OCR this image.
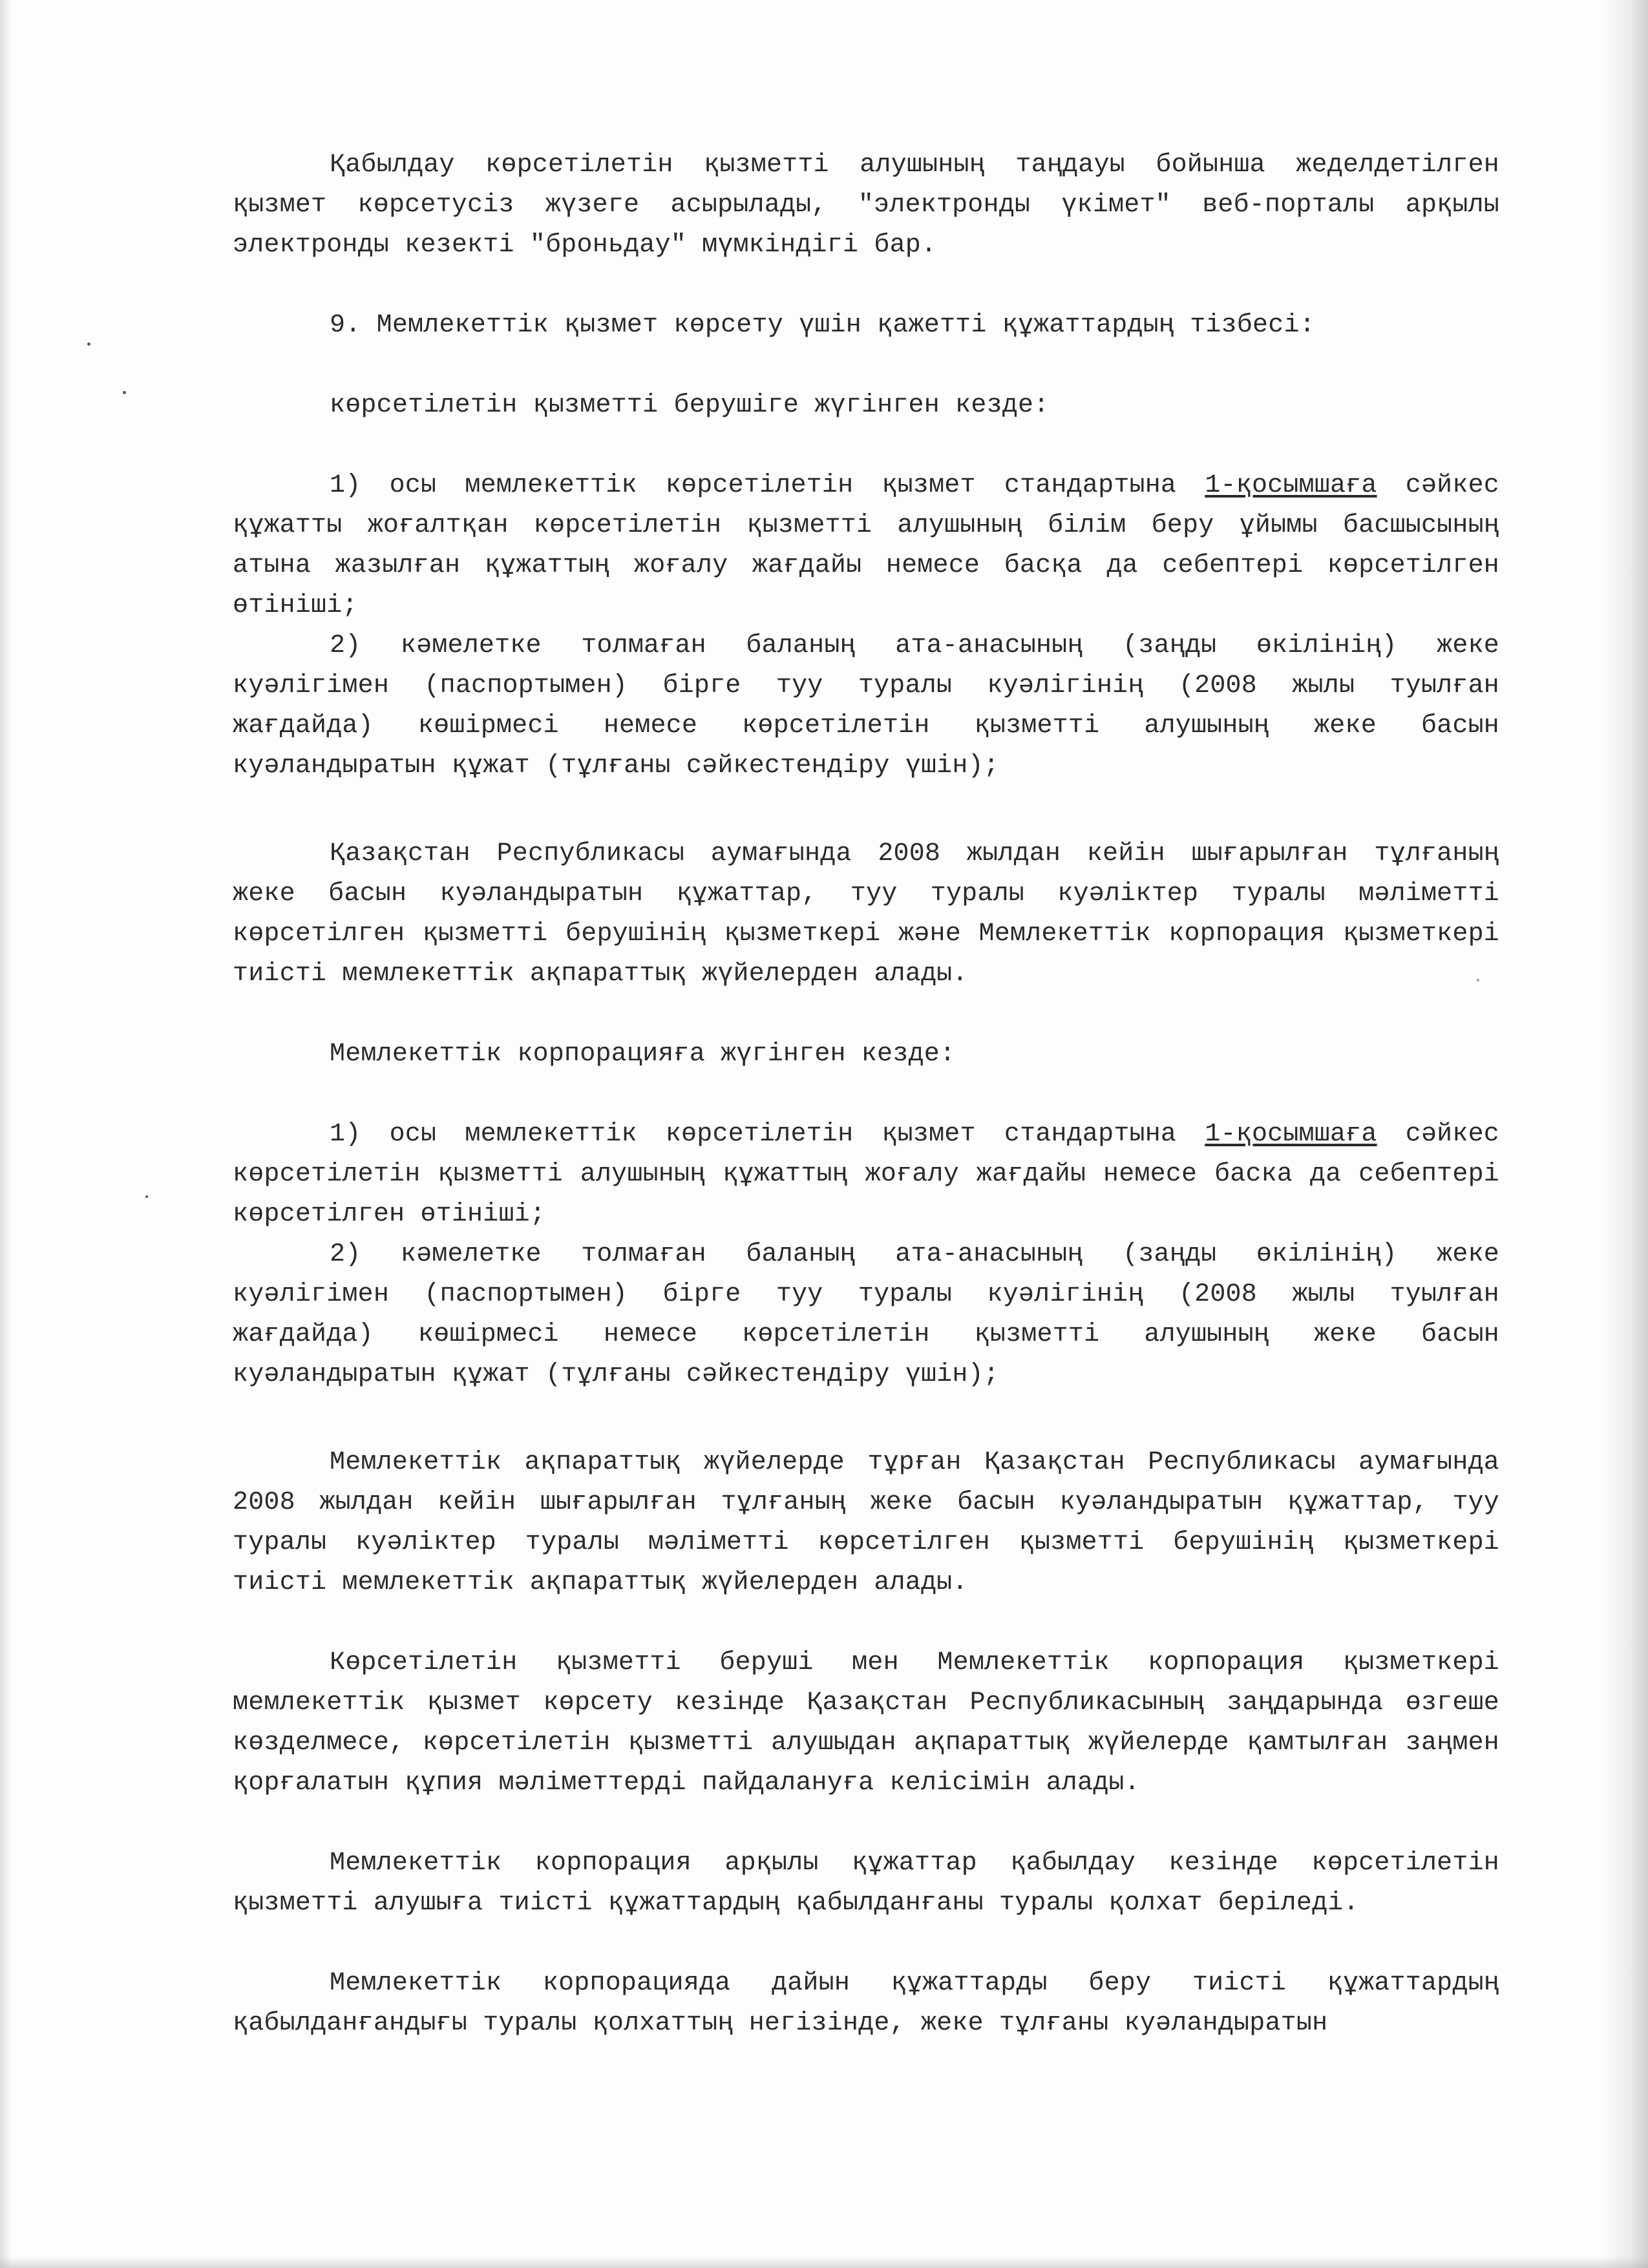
Қабылдау көрсетілетін қызметті алушының таңдауы бойынша жеделдетілген қызмет көрсетусіз жүзеге асырылады, "электронды үкімет" веб-порталы арқылы электронды кезекті "броньдау" мүмкіндігі бар.

9. Мемлекеттік қызмет көрсету үшін қажетті құжаттардың тізбесі:

көрсетілетін қызметті берушіге жүгінген кезде:

1) осы мемлекеттік көрсетілетін қызмет стандартына 1-қосымшаға сәйкес құжатты жоғалтқан көрсетілетін қызметті алушының білім беру ұйымы басшысының атына жазылған құжаттың жоғалу жағдайы немесе басқа да себептері көрсетілген өтініші;

2) кәмелетке толмаған баланың ата-анасының (заңды өкілінің) жеке куәлігімен (паспортымен) бірге туу туралы куәлігінің (2008 жылы туылған жағдайда) көшірмесі немесе көрсетілетін қызметті алушының жеке басын куәландыратын құжат (тұлғаны сәйкестендіру үшін);

Қазақстан Республикасы аумағында 2008 жылдан кейін шығарылған тұлғаның жеке басын куәландыратын құжаттар, туу туралы куәліктер туралы мәліметті көрсетілген қызметті берушінің қызметкері және Мемлекеттік корпорация қызметкері тиісті мемлекеттік ақпараттық жүйелерден алады.

Мемлекеттік корпорацияға жүгінген кезде:

1) осы мемлекеттік көрсетілетін қызмет стандартына 1-қосымшаға сәйкес көрсетілетін қызметті алушының құжаттың жоғалу жағдайы немесе баска да себептері көрсетілген өтініші;

2) кәмелетке толмаған баланың ата-анасының (заңды өкілінің) жеке куәлігімен (паспортымен) бірге туу туралы куәлігінің (2008 жылы туылған жағдайда) көшірмесі немесе көрсетілетін қызметті алушының жеке басын куәландыратын құжат (тұлғаны сәйкестендіру үшін);

Мемлекеттік ақпараттық жүйелерде тұрған Қазақстан Республикасы аумағында 2008 жылдан кейін шығарылған тұлғаның жеке басын куәландыратын құжаттар, туу туралы куәліктер туралы мәліметті көрсетілген қызметті берушінің қызметкері тиісті мемлекеттік ақпараттық жүйелерден алады.

Көрсетілетін қызметті беруші мен Мемлекеттік корпорация қызметкері мемлекеттік қызмет көрсету кезінде Қазақстан Республикасының заңдарында өзгеше көзделмесе, көрсетілетін қызметті алушыдан ақпараттық жүйелерде қамтылған заңмен қорғалатын құпия мәліметтерді пайдалануға келісімін алады.

Мемлекеттік корпорация арқылы құжаттар қабылдау кезінде көрсетілетін қызметті алушыға тиісті құжаттардың қабылданғаны туралы қолхат беріледі.

Мемлекеттік корпорацияда дайын құжаттарды беру тиісті құжаттардың қабылданғандығы туралы қолхаттың негізінде, жеке тұлғаны куәландыратын
